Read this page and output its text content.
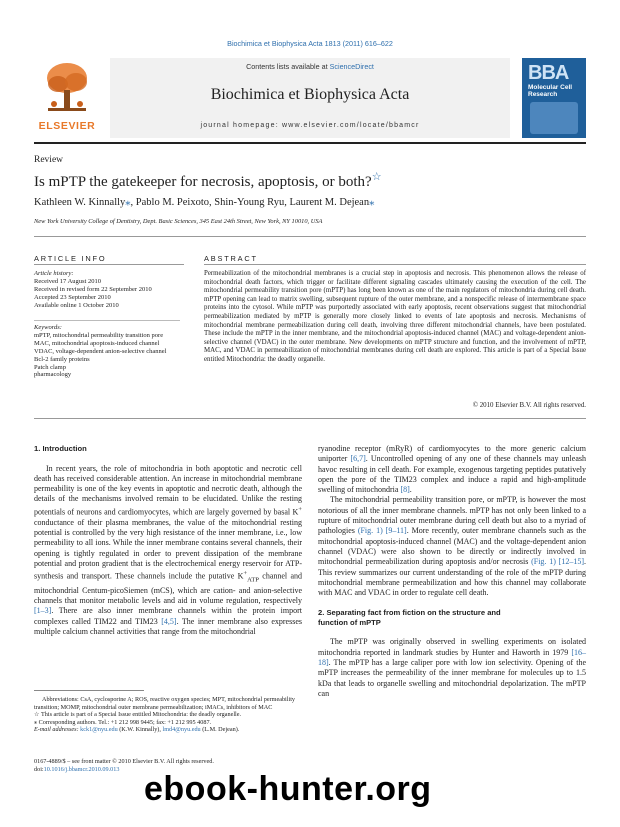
Biochimica et Biophysica Acta 1813 (2011) 616–622
ELSEVIER
Contents lists available at ScienceDirect
Biochimica et Biophysica Acta
journal homepage: www.elsevier.com/locate/bbamcr
BBA
Molecular Cell
Research
Review
Is mPTP the gatekeeper for necrosis, apoptosis, or both?☆
Kathleen W. Kinnally⁎, Pablo M. Peixoto, Shin-Young Ryu, Laurent M. Dejean⁎
New York University College of Dentistry, Dept. Basic Sciences, 345 East 24th Street, New York, NY 10010, USA
ARTICLE INFO	ABSTRACT
Article history:
Received 17 August 2010
Received in revised form 22 September 2010
Accepted 23 September 2010
Available online 1 October 2010
Keywords:
mPTP, mitochondrial permeability transition pore
MAC, mitochondrial apoptosis-induced channel
VDAC, voltage-dependent anion-selective channel
Bcl-2 family proteins
Patch clamp
pharmacology
Permeabilization of the mitochondrial membranes is a crucial step in apoptosis and necrosis. This phenomenon allows the release of mitochondrial death factors, which trigger or facilitate different signaling cascades ultimately causing the execution of the cell. The mitochondrial permeability transition pore (mPTP) has long been known as one of the main regulators of mitochondria during cell death. mPTP opening can lead to matrix swelling, subsequent rupture of the outer membrane, and a nonspecific release of intermembrane space proteins into the cytosol. While mPTP was purportedly associated with early apoptosis, recent observations suggest that mitochondrial permeabilization mediated by mPTP is generally more closely linked to events of late apoptosis and necrosis. Mechanisms of mitochondrial membrane permeabilization during cell death, involving three different mitochondrial channels, have been postulated. These include the mPTP in the inner membrane, and the mitochondrial apoptosis-induced channel (MAC) and voltage-dependent anion-selective channel (VDAC) in the outer membrane. New developments on mPTP structure and function, and the involvement of mPTP, MAC, and VDAC in permeabilization of mitochondrial membranes during cell death are explored. This article is part of a Special Issue entitled Mitochondria: the deadly organelle.
© 2010 Elsevier B.V. All rights reserved.
1. Introduction

In recent years, the role of mitochondria in both apoptotic and necrotic cell death has received considerable attention. An increase in mitochondrial membrane permeability is one of the key events in apoptotic and necrotic death, although the details of the mechanisms involved remain to be elucidated. Unlike the resting potentials of neurons and cardiomyocytes, which are largely governed by basal K+ conductance of their plasma membranes, the value of the mitochondrial resting potential is controlled by the very high resistance of the inner membrane, i.e., low permeability to all ions. While the inner membrane contains several channels, their opening is tightly regulated in order to prevent dissipation of the membrane potential and proton gradient that is the electrochemical energy reservoir for ATP-synthesis and transport. These channels include the putative $K^+_{ATP}$ channel and mitochondrial Centum-picoSiemen (mCS), which are cation- and anion-selective channels that monitor metabolic levels and aid in volume regulation, respectively [1–3]. There are also inner membrane channels within the protein import complexes called TIM22 and TIM23 [4,5]. The inner membrane also expresses multiple calcium channel activities that range from the mitochondrial

ryanodine receptor (mRyR) of cardiomyocytes to the more generic calcium uniporter [6,7]. Uncontrolled opening of any one of these channels may unleash havoc resulting in cell death. For example, exogenous targeting peptides putatively open the pore of the TIM23 complex and induce a rapid and high-amplitude swelling of mitochondria [8].

The mitochondrial permeability transition pore, or mPTP, is however the most notorious of all the inner membrane channels. mPTP has not only been linked to a rupture of mitochondrial outer membrane during cell death but also to a myriad of pathologies (Fig. 1) [9–11]. More recently, outer membrane channels such as the mitochondrial apoptosis-induced channel (MAC) and the voltage-dependent anion channel (VDAC) were also shown to be directly or indirectly involved in mitochondrial permeabilization during apoptosis and/or necrosis (Fig. 1) [12–15]. This review summarizes our current understanding of the role of the mPTP during mitochondrial membrane permeabilization and how this channel may collaborate with MAC and VDAC in order to regulate cell death.

2. Separating fact from fiction on the structure and
function of mPTP

The mPTP was originally observed in swelling experiments on isolated mitochondria reported in landmark studies by Hunter and Haworth in 1979 [16–18]. The mPTP has a large caliper pore with low ion selectivity. Opening of the mPTP increases the permeability of the inner membrane for molecules up to 1.5 kDa that leads to organelle swelling and mitochondrial depolarization. The mPTP can

Abbreviations: CsA, cyclosporine A; ROS, reactive oxygen species; MPT, mitochondrial permeability transition; MOMP, mitochondrial outer membrane permeabilization; iMACs, inhibitors of MAC
☆ This article is part of a Special Issue entitled Mitochondria: the deadly organelle.
⁎ Corresponding authors. Tel.: +1 212 998 9445; fax: +1 212 995 4087.
E-mail addresses: kck1@nyu.edu (K.W. Kinnally), lmd4@nyu.edu (L.M. Dejean).
0167-4889/$ – see front matter © 2010 Elsevier B.V. All rights reserved.
doi:10.1016/j.bbamcr.2010.09.013
ebook-hunter.org
